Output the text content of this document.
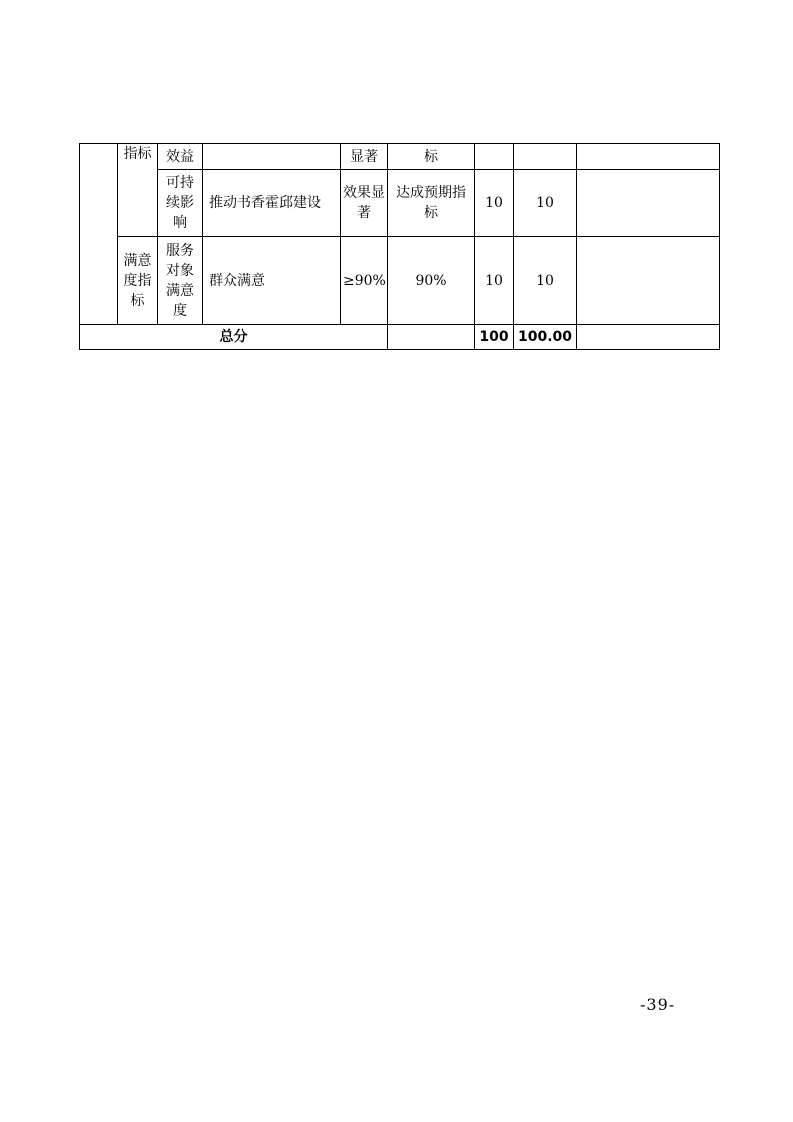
	指标	效益		显著	标			
		可持续影响	推动书香霍邱建设	效果显著	达成预期指标	10	10	
	满意度指标	服务对象满意度	群众满意	≥90%	90%	10	10	
总分						100	100.00	
-39-
